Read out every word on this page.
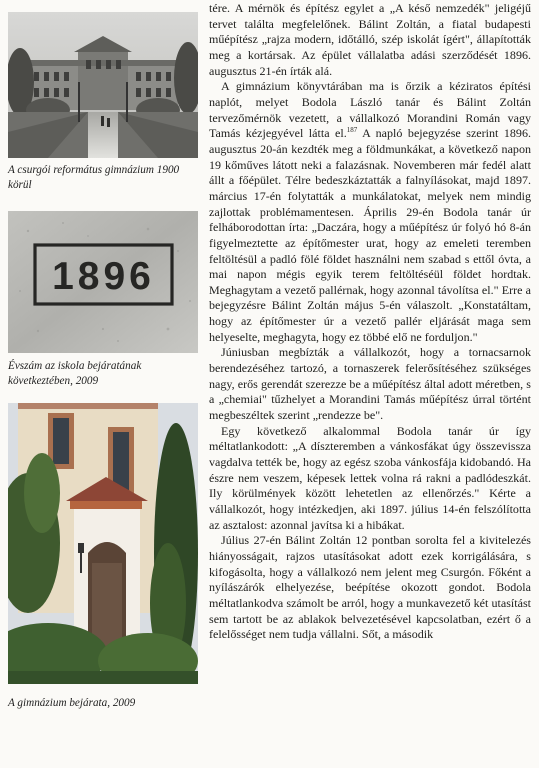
A csurgói református gimnázium 1900 körül
1896
Évszám az iskola bejáratának következtében, 2009
A gimnázium bejárata, 2009

tére. A mérnök és építész egylet a „A késő nemzedék" jeligéjű tervet találta megfelelőnek. Bálint Zoltán, a fiatal budapesti műépítész „rajza modern, időtálló, szép iskolát ígért", állapították meg a kortársak. Az épület vállalatba adási szerződését 1896. augusztus 21-én írták alá.

A gimnázium könyvtárában ma is őrzik a kéziratos építési naplót, melyet Bodola László tanár és Bálint Zoltán tervezőmérnök vezetett, a vállalkozó Morandini Román vagy Tamás kézjegyével látta el.$^{187}$ A napló bejegyzése szerint 1896. augusztus 20-án kezdték meg a földmunkákat, a következő napon 19 kőműves látott neki a falazásnak. Novemberen már fedél alatt állt a főépület. Télre bedeszkáztatták a falnyílásokat, majd 1897. március 17-én folytatták a munkálatokat, melyek nem mindig zajlottak problémamentesen. Április 29-én Bodola tanár úr felháborodottan írta: „Daczára, hogy a műépítész úr folyó hó 8-án figyelmeztette az építőmester urat, hogy az emeleti teremben feltöltésül a padló fölé földet használni nem szabad s ettől óvta, a mai napon mégis egyik terem feltöltéséül földet hordtak. Meghagytam a vezető pallérnak, hogy azonnal távolítsa el." Erre a bejegyzésre Bálint Zoltán május 5-én válaszolt. „Konstatáltam, hogy az építőmester úr a vezető pallér eljárását maga sem helyeselte, meghagyta, hogy ez többé elő ne forduljon."

Júniusban megbízták a vállalkozót, hogy a tornacsarnok berendezéséhez tartozó, a tornaszerek felerősítéséhez szükséges nagy, erős gerendát szerezze be a műépítész által adott méretben, s a „chemiai" tűzhelyet a Morandini Tamás műépítész úrral történt megbeszéltek szerint „rendezze be".

Egy következő alkalommal Bodola tanár úr így méltatlankodott: „A díszteremben a vánkosfákat úgy összevissza vagdalva tették be, hogy az egész szoba vánkosfája kidobandó. Ha észre nem veszem, képesek lettek volna rá rakni a padlódeszkát. Ily körülmények között lehetetlen az ellenőrzés." Kérte a vállalkozót, hogy intézkedjen, aki 1897. július 14-én felszólította az asztalost: azonnal javítsa ki a hibákat.

Július 27-én Bálint Zoltán 12 pontban sorolta fel a kivitelezés hiányosságait, rajzos utasításokat adott ezek korrigálására, s kifogásolta, hogy a vállalkozó nem jelent meg Csurgón. Főként a nyílászárók elhelyezése, beépítése okozott gondot. Bodola méltatlankodva számolt be arról, hogy a munkavezető két utasítást sem tartott be az ablakok belvezetésével kapcsolatban, ezért ő a felelősséget nem tudja vállalni. Sőt, a második
